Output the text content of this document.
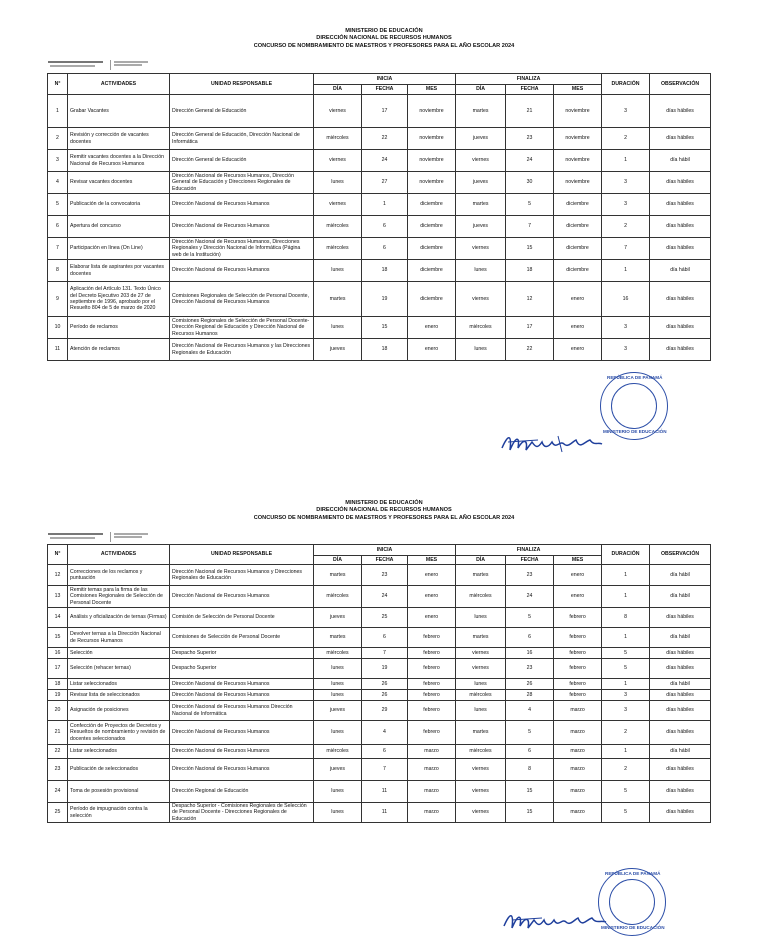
MINISTERIO DE EDUCACIÓN
DIRECCIÓN NACIONAL DE RECURSOS HUMANOS
CONCURSO DE NOMBRAMIENTO DE MAESTROS Y PROFESORES PARA EL AÑO ESCOLAR 2024
N°	ACTIVIDADES	UNIDAD RESPONSABLE	INICIA			FINALIZA			DURACIÓN	OBSERVACIÓN
			DÍA	FECHA	MES	DÍA	FECHA	MES		
1	Grabar Vacantes	Dirección General de Educación	viernes	17	noviembre	martes	21	noviembre	3	días hábiles
2	Revisión y corrección de vacantes docentes	Dirección General de Educación, Dirección Nacional de Informática	miércoles	22	noviembre	jueves	23	noviembre	2	días hábiles
3	Remitir vacantes docentes a la Dirección Nacional de Recursos Humanos	Dirección General de Educación	viernes	24	noviembre	viernes	24	noviembre	1	día hábil
4	Revisar vacantes docentes	Dirección Nacional de Recursos Humanos, Dirección General de Educación y Direcciones Regionales de Educación	lunes	27	noviembre	jueves	30	noviembre	3	días hábiles
5	Publicación de la convocatoria	Dirección Nacional de Recursos Humanos	viernes	1	diciembre	martes	5	diciembre	3	días hábiles
6	Apertura del concurso	Dirección Nacional de Recursos Humanos	miércoles	6	diciembre	jueves	7	diciembre	2	días hábiles
7	Participación en línea (On Line)	Dirección Nacional de Recursos Humanos, Direcciones Regionales y Dirección Nacional de Informática (Página web de la Institución)	miércoles	6	diciembre	viernes	15	diciembre	7	días hábiles
8	Elaborar lista de aspirantes por vacantes docentes	Dirección Nacional de Recursos Humanos	lunes	18	diciembre	lunes	18	diciembre	1	día hábil
9	Aplicación del Artículo 131. Texto Único del Decreto Ejecutivo 203 de 27 de septiembre de 1996, aprobado por el Resuelto 804 de 5 de marzo de 2020	Comisiones Regionales de Selección de Personal Docente, Dirección Nacional de Recursos Humanos	martes	19	diciembre	viernes	12	enero	16	días hábiles
10	Período de reclamos	Comisiones Regionales de Selección de Personal Docente-Dirección Regional de Educación y Dirección Nacional de Recursos Humanos	lunes	15	enero	miércoles	17	enero	3	días hábiles
11	Atención de reclamos	Dirección Nacional de Recursos Humanos y las Direcciones Regionales de Educación	jueves	18	enero	lunes	22	enero	3	días hábiles
REPÚBLICA DE PANAMÁ
MINISTERIO DE EDUCACIÓN
MINISTERIO DE EDUCACIÓN
DIRECCIÓN NACIONAL DE RECURSOS HUMANOS
CONCURSO DE NOMBRAMIENTO DE MAESTROS Y PROFESORES PARA EL AÑO ESCOLAR 2024
N°	ACTIVIDADES	UNIDAD RESPONSABLE	INICIA			FINALIZA			DURACIÓN	OBSERVACIÓN
			DÍA	FECHA	MES	DÍA	FECHA	MES		
12	Correcciones de los reclamos y puntuación	Dirección Nacional de Recursos Humanos y Direcciones Regionales de Educación	martes	23	enero	martes	23	enero	1	día hábil
13	Remitir temas para la firma de las Comisiones Regionales de Selección de Personal Docente	Dirección Nacional de Recursos Humanos	miércoles	24	enero	miércoles	24	enero	1	día hábil
14	Análisis y oficialización de ternas (Firmas)	Comisión de Selección de Personal Docente	jueves	25	enero	lunes	5	febrero	8	días hábiles
15	Devolver ternas a la Dirección Nacional de Recursos Humanos	Comisiones de Selección de Personal Docente	martes	6	febrero	martes	6	febrero	1	día hábil
16	Selección	Despacho Superior	miércoles	7	febrero	viernes	16	febrero	5	días hábiles
17	Selección (rehacer ternas)	Despacho Superior	lunes	19	febrero	viernes	23	febrero	5	días hábiles
18	Listar seleccionados	Dirección Nacional de Recursos Humanos	lunes	26	febrero	lunes	26	febrero	1	día hábil
19	Revisar lista de seleccionados	Dirección Nacional de Recursos Humanos	lunes	26	febrero	miércoles	28	febrero	3	días hábiles
20	Asignación de posiciones	Dirección Nacional de Recursos Humanos Dirección Nacional de Informática	jueves	29	febrero	lunes	4	marzo	3	días hábiles
21	Confección de Proyectos de Decretos y Resueltos de nombramiento y revisión de docentes seleccionados	Dirección Nacional de Recursos Humanos	lunes	4	febrero	martes	5	marzo	2	días hábiles
22	Listar seleccionados	Dirección Nacional de Recursos Humanos	miércoles	6	marzo	miércoles	6	marzo	1	día hábil
23	Publicación de seleccionados	Dirección Nacional de Recursos Humanos	jueves	7	marzo	viernes	8	marzo	2	días hábiles
24	Toma de posesión provisional	Dirección Regional de Educación	lunes	11	marzo	viernes	15	marzo	5	días hábiles
25	Período de impugnación contra la selección	Despacho Superior - Comisiones Regionales de Selección de Personal Docente - Direcciones Regionales de Educación	lunes	11	marzo	viernes	15	marzo	5	días hábiles
REPÚBLICA DE PANAMÁ
MINISTERIO DE EDUCACIÓN
